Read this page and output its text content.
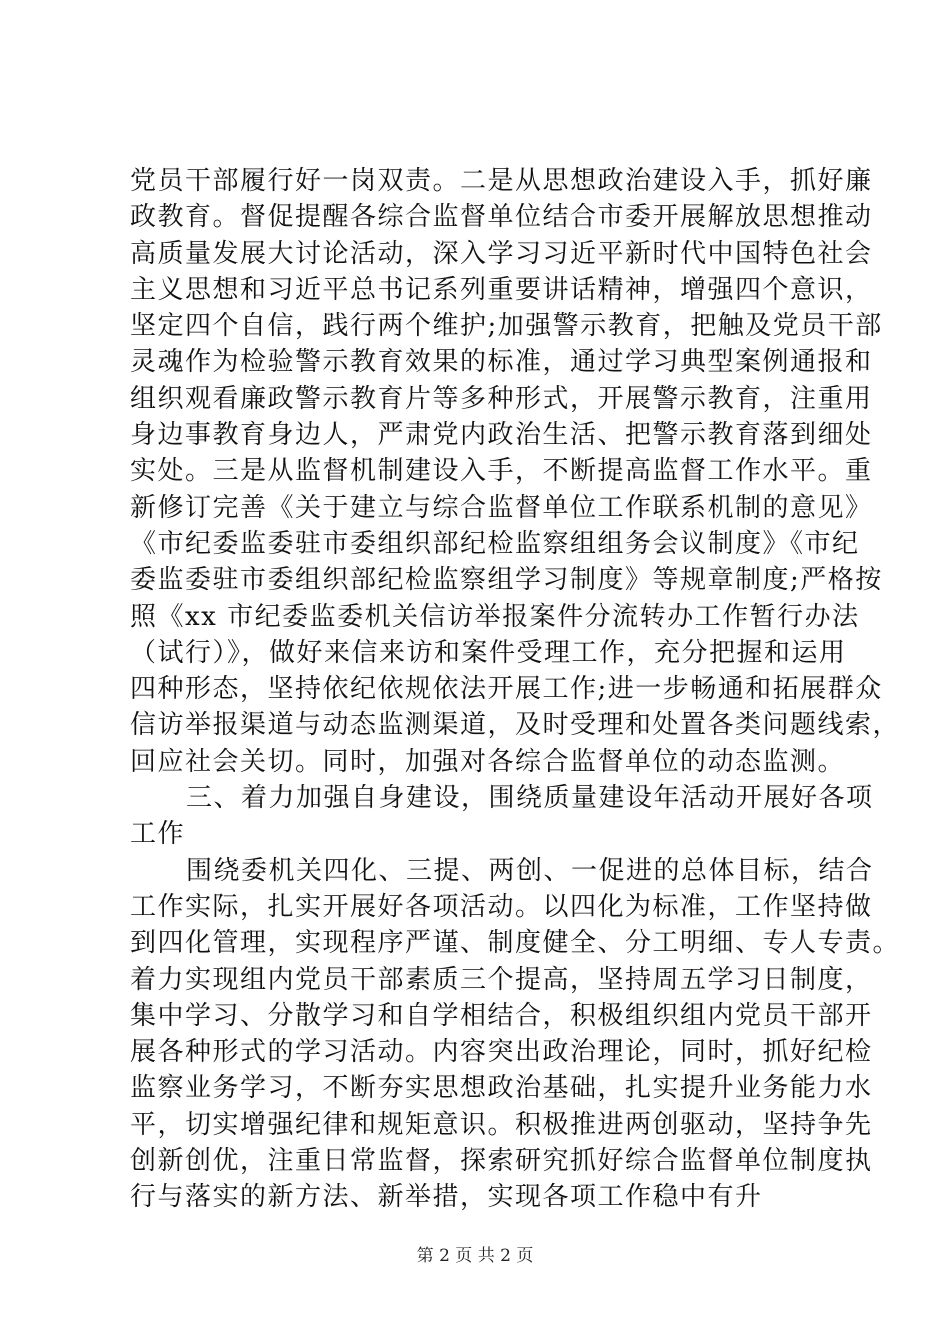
党员干部履行好一岗双责。二是从思想政治建设入手，抓好廉
政教育。督促提醒各综合监督单位结合市委开展解放思想推动
高质量发展大讨论活动，深入学习习近平新时代中国特色社会
主义思想和习近平总书记系列重要讲话精神，增强四个意识，
坚定四个自信，践行两个维护;加强警示教育，把触及党员干部
灵魂作为检验警示教育效果的标准，通过学习典型案例通报和
组织观看廉政警示教育片等多种形式，开展警示教育，注重用
身边事教育身边人，严肃党内政治生活、把警示教育落到细处
实处。三是从监督机制建设入手，不断提高监督工作水平。重
新修订完善《关于建立与综合监督单位工作联系机制的意见》
《市纪委监委驻市委组织部纪检监察组组务会议制度》《市纪
委监委驻市委组织部纪检监察组学习制度》等规章制度;严格按
照《xx 市纪委监委机关信访举报案件分流转办工作暂行办法
（试行）》，做好来信来访和案件受理工作，充分把握和运用
四种形态，坚持依纪依规依法开展工作;进一步畅通和拓展群众
信访举报渠道与动态监测渠道，及时受理和处置各类问题线索，
回应社会关切。同时，加强对各综合监督单位的动态监测。
三、着力加强自身建设，围绕质量建设年活动开展好各项
工作
围绕委机关四化、三提、两创、一促进的总体目标，结合
工作实际，扎实开展好各项活动。以四化为标准，工作坚持做
到四化管理，实现程序严谨、制度健全、分工明细、专人专责。
着力实现组内党员干部素质三个提高，坚持周五学习日制度，
集中学习、分散学习和自学相结合，积极组织组内党员干部开
展各种形式的学习活动。内容突出政治理论，同时，抓好纪检
监察业务学习，不断夯实思想政治基础，扎实提升业务能力水
平，切实增强纪律和规矩意识。积极推进两创驱动，坚持争先
创新创优，注重日常监督，探索研究抓好综合监督单位制度执
行与落实的新方法、新举措，实现各项工作稳中有升
第 2 页 共 2 页
